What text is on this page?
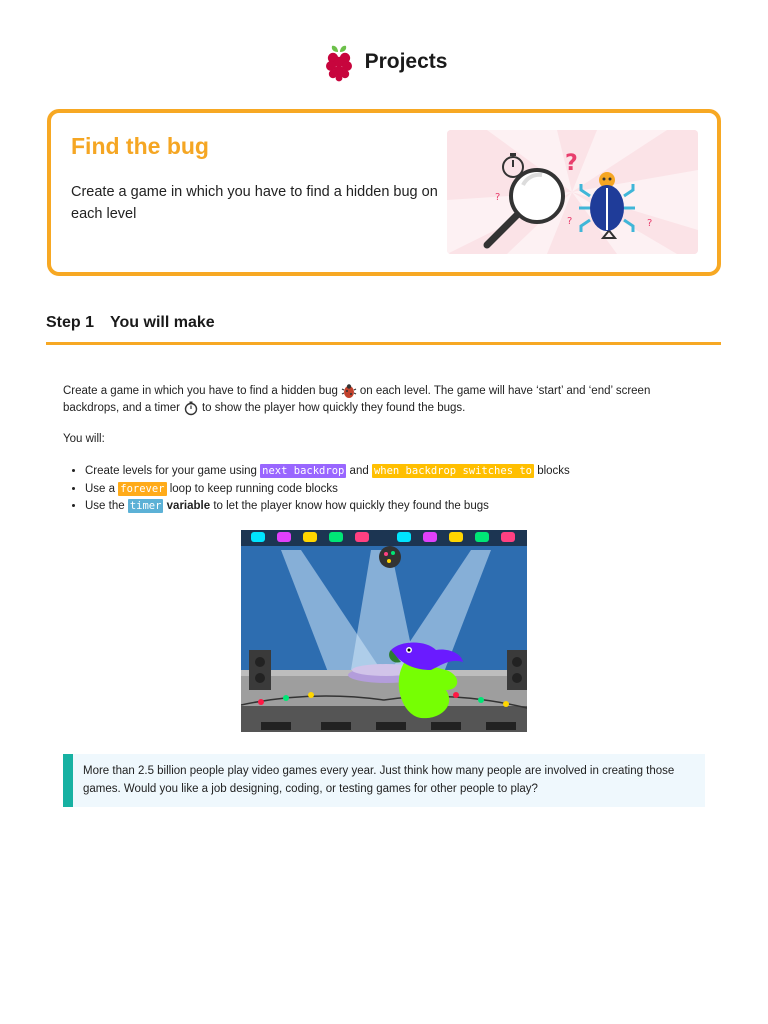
Projects
Find the bug

Create a game in which you have to find a hidden bug on each level

?
?
?	?
Step 1 You will make

Create a game in which you have to find a hidden bug on each level. The game will have ‘start’ and ‘end’ screen
backdrops, and a timer to show the player how quickly they found the bugs.

You will:

• Create levels for your game using next backdrop and when backdrop switches to blocks
• Use a forever loop to keep running code blocks
• Use the timer variable to let the player know how quickly they found the bugs

More than 2.5 billion people play video games every year. Just think how many people are involved in creating those games. Would you like a job designing, coding, or testing games for other people to play?
